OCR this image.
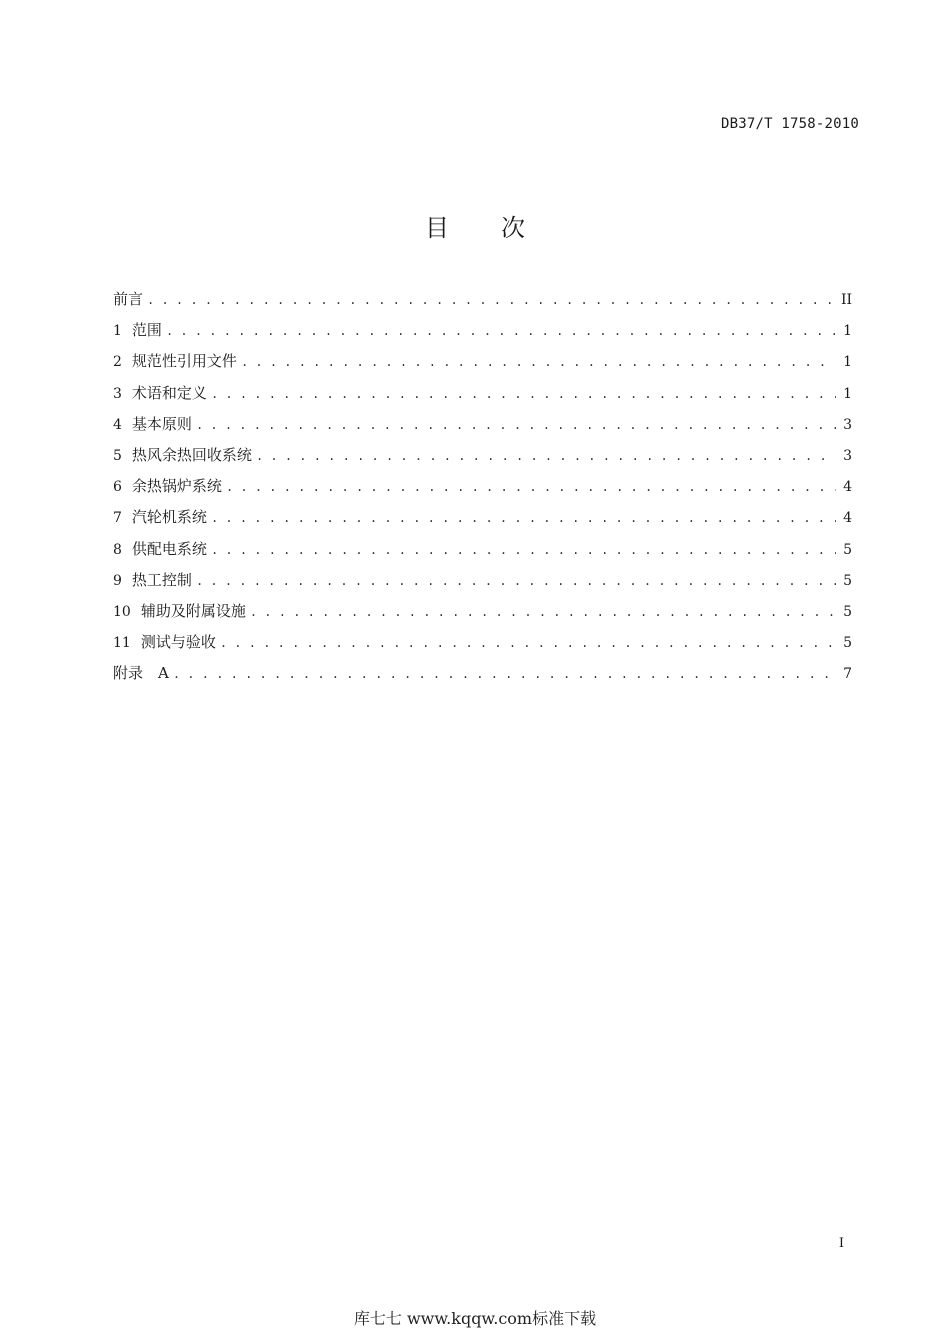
DB37/T 1758-2010
目次
前言 . . .	II
1 范围 . . .	1
2 规范性引用文件 . . .	1
3 术语和定义 . . .	1
4 基本原则 . . .	3
5 热风余热回收系统 . . .	3
6 余热锅炉系统 . . .	4
7 汽轮机系统 . . .	4
8 供配电系统 . . .	5
9 热工控制 . . .	5
10 辅助及附属设施 . . .	5
11 测试与验收 . . .	5
附录　A . . .	7
I
库七七 www.kqqw.com标准下载
